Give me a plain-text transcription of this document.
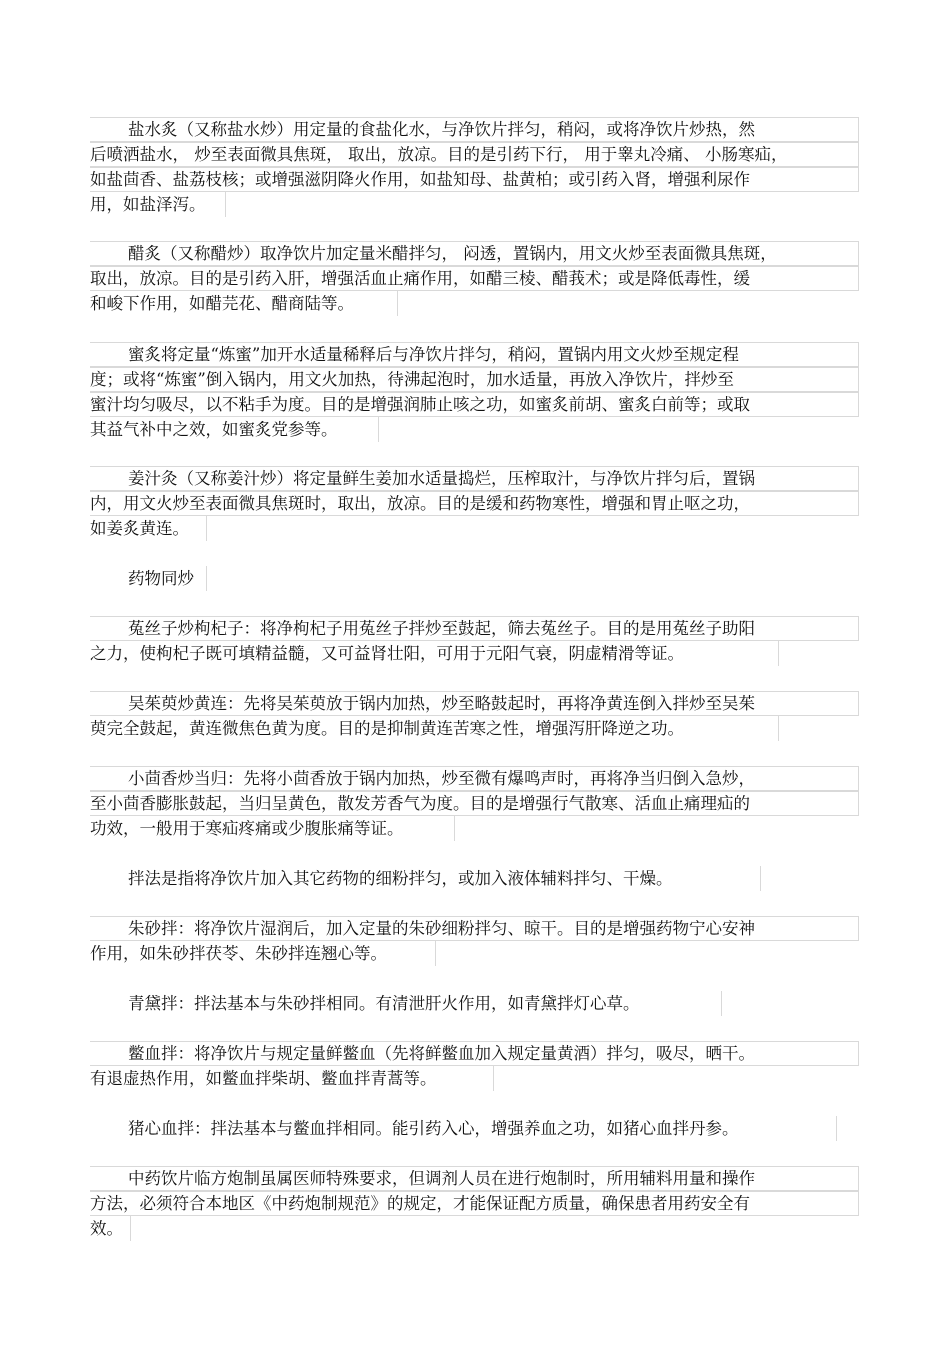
盐水炙（又称盐水炒）用定量的食盐化水，与净饮片拌匀，稍闷，或将净饮片炒热，然
后喷洒盐水， 炒至表面微具焦斑， 取出，放凉。目的是引药下行， 用于睾丸冷痛、 小肠寒疝，
如盐茴香、盐荔枝核；或增强滋阴降火作用，如盐知母、盐黄柏；或引药入肾，增强利尿作
用，如盐泽泻。
醋炙（又称醋炒）取净饮片加定量米醋拌匀， 闷透，置锅内，用文火炒至表面微具焦斑，
取出，放凉。目的是引药入肝，增强活血止痛作用，如醋三棱、醋莪术；或是降低毒性，缓
和峻下作用，如醋芫花、醋商陆等。
蜜炙将定量“炼蜜”加开水适量稀释后与净饮片拌匀，稍闷，置锅内用文火炒至规定程
度；或将“炼蜜”倒入锅内，用文火加热，待沸起泡时，加水适量，再放入净饮片，拌炒至
蜜汁均匀吸尽，以不粘手为度。目的是增强润肺止咳之功，如蜜炙前胡、蜜炙白前等；或取
其益气补中之效，如蜜炙党参等。
姜汁灸（又称姜汁炒）将定量鲜生姜加水适量捣烂，压榨取汁，与净饮片拌匀后，置锅
内，用文火炒至表面微具焦斑时，取出，放凉。目的是缓和药物寒性，增强和胃止呕之功，
如姜炙黄连。
药物同炒
菟丝子炒枸杞子：将净枸杞子用菟丝子拌炒至鼓起，筛去菟丝子。目的是用菟丝子助阳
之力，使枸杞子既可填精益髓，又可益肾壮阳，可用于元阳气衰，阴虚精滑等证。
吴茱萸炒黄连：先将吴茱萸放于锅内加热，炒至略鼓起时，再将净黄连倒入拌炒至吴茱
萸完全鼓起，黄连微焦色黄为度。目的是抑制黄连苦寒之性，增强泻肝降逆之功。
小茴香炒当归：先将小茴香放于锅内加热，炒至微有爆鸣声时，再将净当归倒入急炒，
至小茴香膨胀鼓起，当归呈黄色，散发芳香气为度。目的是增强行气散寒、活血止痛理疝的
功效，一般用于寒疝疼痛或少腹胀痛等证。
拌法是指将净饮片加入其它药物的细粉拌匀，或加入液体辅料拌匀、干燥。
朱砂拌：将净饮片湿润后，加入定量的朱砂细粉拌匀、晾干。目的是增强药物宁心安神
作用，如朱砂拌茯苓、朱砂拌连翘心等。
青黛拌：拌法基本与朱砂拌相同。有清泄肝火作用，如青黛拌灯心草。
鳖血拌：将净饮片与规定量鲜鳖血（先将鲜鳖血加入规定量黄酒）拌匀，吸尽，晒干。
有退虚热作用，如鳖血拌柴胡、鳖血拌青蒿等。
猪心血拌：拌法基本与鳖血拌相同。能引药入心，增强养血之功，如猪心血拌丹参。
中药饮片临方炮制虽属医师特殊要求，但调剂人员在进行炮制时，所用辅料用量和操作
方法，必须符合本地区《中药炮制规范》的规定，才能保证配方质量，确保患者用药安全有
效。
